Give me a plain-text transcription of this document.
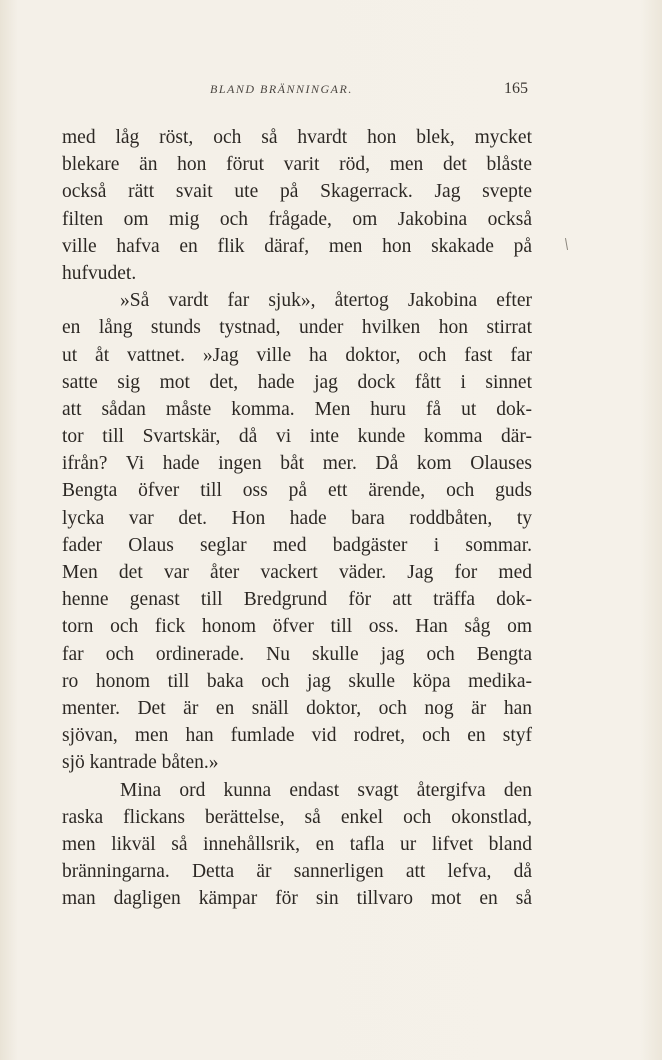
BLAND BRÄNNINGAR.	165
med låg röst, och så hvardt hon blek, mycket
blekare än hon förut varit röd, men det blåste
också rätt svait ute på Skagerrack. Jag svepte
filten om mig och frågade, om Jakobina också
ville hafva en flik däraf, men hon skakade på
hufvudet.
»Så vardt far sjuk», återtog Jakobina efter
en lång stunds tystnad, under hvilken hon stirrat
ut åt vattnet. »Jag ville ha doktor, och fast far
satte sig mot det, hade jag dock fått i sinnet
att sådan måste komma. Men huru få ut dok-
tor till Svartskär, då vi inte kunde komma där-
ifrån? Vi hade ingen båt mer. Då kom Olauses
Bengta öfver till oss på ett ärende, och guds
lycka var det. Hon hade bara roddbåten, ty
fader Olaus seglar med badgäster i sommar.
Men det var åter vackert väder. Jag for med
henne genast till Bredgrund för att träffa dok-
torn och fick honom öfver till oss. Han såg om
far och ordinerade. Nu skulle jag och Bengta
ro honom till baka och jag skulle köpa medika-
menter. Det är en snäll doktor, och nog är han
sjövan, men han fumlade vid rodret, och en styf
sjö kantrade båten.»
Mina ord kunna endast svagt återgifva den
raska flickans berättelse, så enkel och okonstlad,
men likväl så innehållsrik, en tafla ur lifvet bland
bränningarna. Detta är sannerligen att lefva, då
man dagligen kämpar för sin tillvaro mot en så
